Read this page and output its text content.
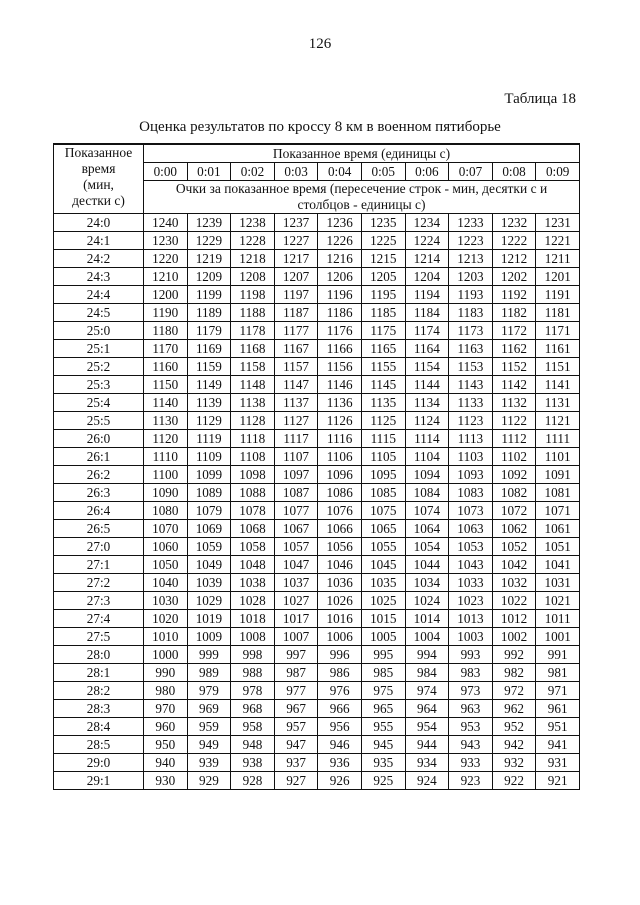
126
Таблица 18
Оценка результатов по кроссу 8 км в военном пятиборье
Показанное
время
(мин,
дестки с)	Показанное время (единицы с)									
	0:00	0:01	0:02	0:03	0:04	0:05	0:06	0:07	0:08	0:09

	Очки за показанное время (пересечение строк - мин, десятки с и
столбцов - единицы с)									

24:0	1240	1239	1238	1237	1236	1235	1234	1233	1232	1231
24:1	1230	1229	1228	1227	1226	1225	1224	1223	1222	1221
24:2	1220	1219	1218	1217	1216	1215	1214	1213	1212	1211
24:3	1210	1209	1208	1207	1206	1205	1204	1203	1202	1201
24:4	1200	1199	1198	1197	1196	1195	1194	1193	1192	1191
24:5	1190	1189	1188	1187	1186	1185	1184	1183	1182	1181
25:0	1180	1179	1178	1177	1176	1175	1174	1173	1172	1171
25:1	1170	1169	1168	1167	1166	1165	1164	1163	1162	1161
25:2	1160	1159	1158	1157	1156	1155	1154	1153	1152	1151
25:3	1150	1149	1148	1147	1146	1145	1144	1143	1142	1141
25:4	1140	1139	1138	1137	1136	1135	1134	1133	1132	1131
25:5	1130	1129	1128	1127	1126	1125	1124	1123	1122	1121
26:0	1120	1119	1118	1117	1116	1115	1114	1113	1112	1111
26:1	1110	1109	1108	1107	1106	1105	1104	1103	1102	1101
26:2	1100	1099	1098	1097	1096	1095	1094	1093	1092	1091
26:3	1090	1089	1088	1087	1086	1085	1084	1083	1082	1081
26:4	1080	1079	1078	1077	1076	1075	1074	1073	1072	1071
26:5	1070	1069	1068	1067	1066	1065	1064	1063	1062	1061
27:0	1060	1059	1058	1057	1056	1055	1054	1053	1052	1051
27:1	1050	1049	1048	1047	1046	1045	1044	1043	1042	1041
27:2	1040	1039	1038	1037	1036	1035	1034	1033	1032	1031
27:3	1030	1029	1028	1027	1026	1025	1024	1023	1022	1021
27:4	1020	1019	1018	1017	1016	1015	1014	1013	1012	1011
27:5	1010	1009	1008	1007	1006	1005	1004	1003	1002	1001
28:0	1000	999	998	997	996	995	994	993	992	991
28:1	990	989	988	987	986	985	984	983	982	981
28:2	980	979	978	977	976	975	974	973	972	971
28:3	970	969	968	967	966	965	964	963	962	961
28:4	960	959	958	957	956	955	954	953	952	951
28:5	950	949	948	947	946	945	944	943	942	941
29:0	940	939	938	937	936	935	934	933	932	931
29:1	930	929	928	927	926	925	924	923	922	921
